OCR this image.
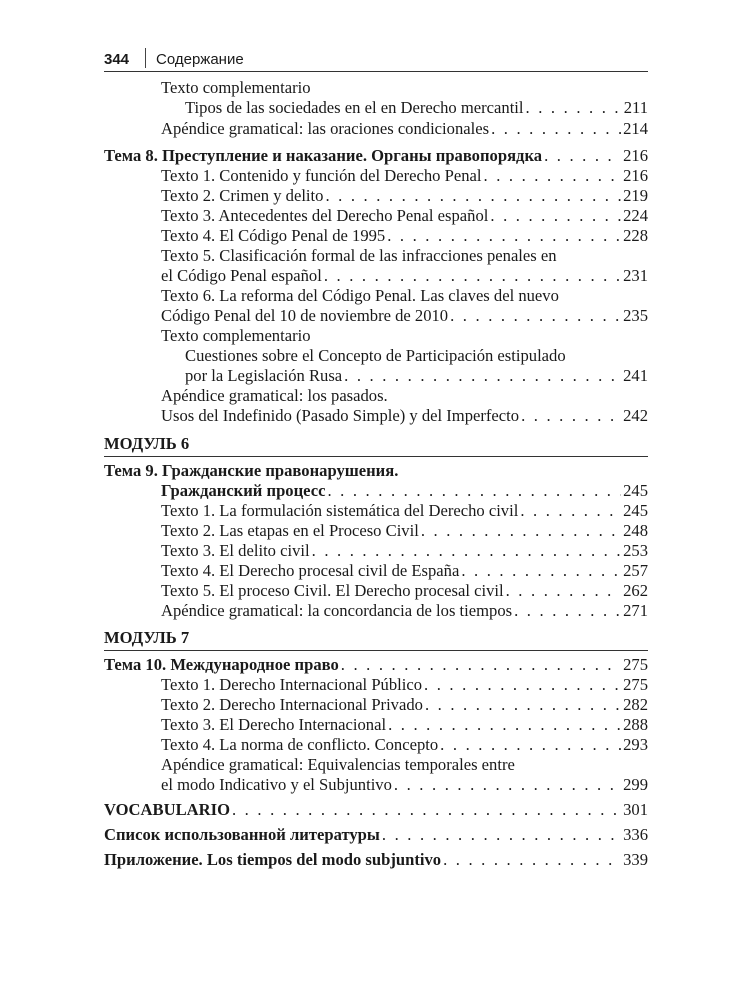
344 Содержание
Texto complementario
Tipos de las sociedades en el en Derecho mercantil . . .	211
Apéndice gramatical: las oraciones condicionales . . .	214
Тема 8. Преступление и наказание. Органы правопорядка . . .	216
Texto 1. Contenido y función del Derecho Penal . . .	216
Texto 2. Crimen y delito . . .	219
Texto 3. Antecedentes del Derecho Penal español . . .	224
Texto 4. El Código Penal de 1995 . . .	228
Texto 5. Clasificación formal de las infracciones penales en
el Código Penal español . . .	231
Texto 6. La reforma del Código Penal. Las claves del nuevo
Código Penal del 10 de noviembre de 2010 . . .	235
Texto complementario
Cuestiones sobre el Concepto de Participación estipulado
por la Legislación Rusa . . .	241
Apéndice gramatical: los pasados.
Usos del Indefinido (Pasado Simple) y del Imperfecto . . .	242
МОДУЛЬ 6
Тема 9. Гражданские правонарушения.
Гражданский процесс . . .	245
Texto 1. La formulación sistemática del Derecho civil . . .	245
Texto 2. Las etapas en el Proceso Civil . . .	248
Texto 3. El delito civil . . .	253
Texto 4. El Derecho procesal civil de España . . .	257
Texto 5. El proceso Civil. El Derecho procesal civil . . .	262
Apéndice gramatical: la concordancia de los tiempos . . .	271
МОДУЛЬ 7
Тема 10. Международное право . . .	275
Texto 1. Derecho Internacional Público . . .	275
Texto 2. Derecho Internacional Privado . . .	282
Texto 3. El Derecho Internacional . . .	288
Texto 4. La norma de conflicto. Concepto . . .	293
Apéndice gramatical: Equivalencias temporales entre
el modo Indicativo y el Subjuntivo . . .	299
VOCABULARIO . . .	301
Список использованной литературы . . .	336
Приложение. Los tiempos del modo subjuntivo . . .	339
